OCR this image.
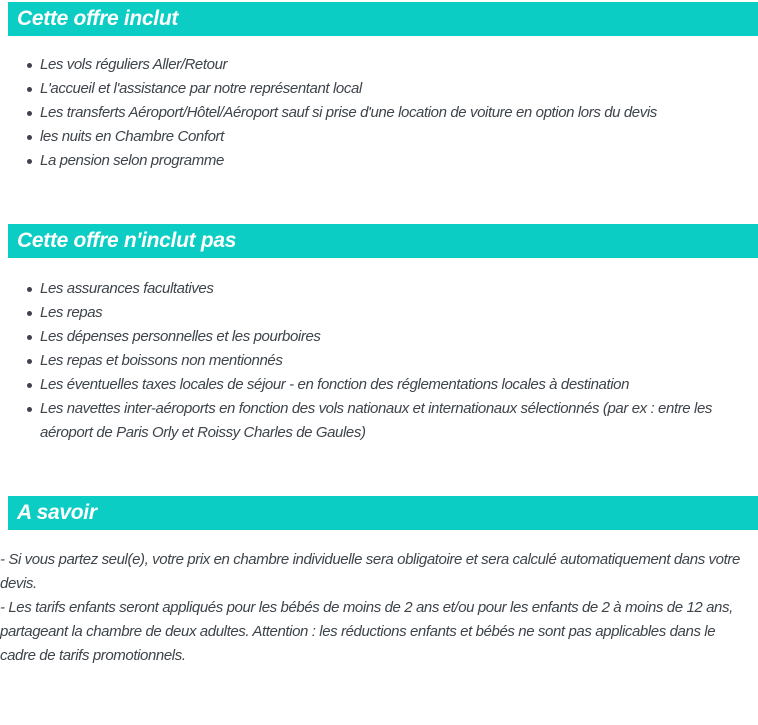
Cette offre inclut
Les vols réguliers Aller/Retour
L'accueil et l'assistance par notre représentant local
Les transferts Aéroport/Hôtel/Aéroport sauf si prise d'une location de voiture en option lors du devis
les nuits en Chambre Confort
La pension selon programme
Cette offre n'inclut pas
Les assurances facultatives
Les repas
Les dépenses personnelles et les pourboires
Les repas et boissons non mentionnés
Les éventuelles taxes locales de séjour - en fonction des réglementations locales à destination
Les navettes inter-aéroports en fonction des vols nationaux et internationaux sélectionnés (par ex : entre les aéroport de Paris Orly et Roissy Charles de Gaules)
A savoir

- Si vous partez seul(e), votre prix en chambre individuelle sera obligatoire et sera calculé automatiquement dans votre devis.

- Les tarifs enfants seront appliqués pour les bébés de moins de 2 ans et/ou pour les enfants de 2 à moins de 12 ans, partageant la chambre de deux adultes. Attention : les réductions enfants et bébés ne sont pas applicables dans le cadre de tarifs promotionnels.
